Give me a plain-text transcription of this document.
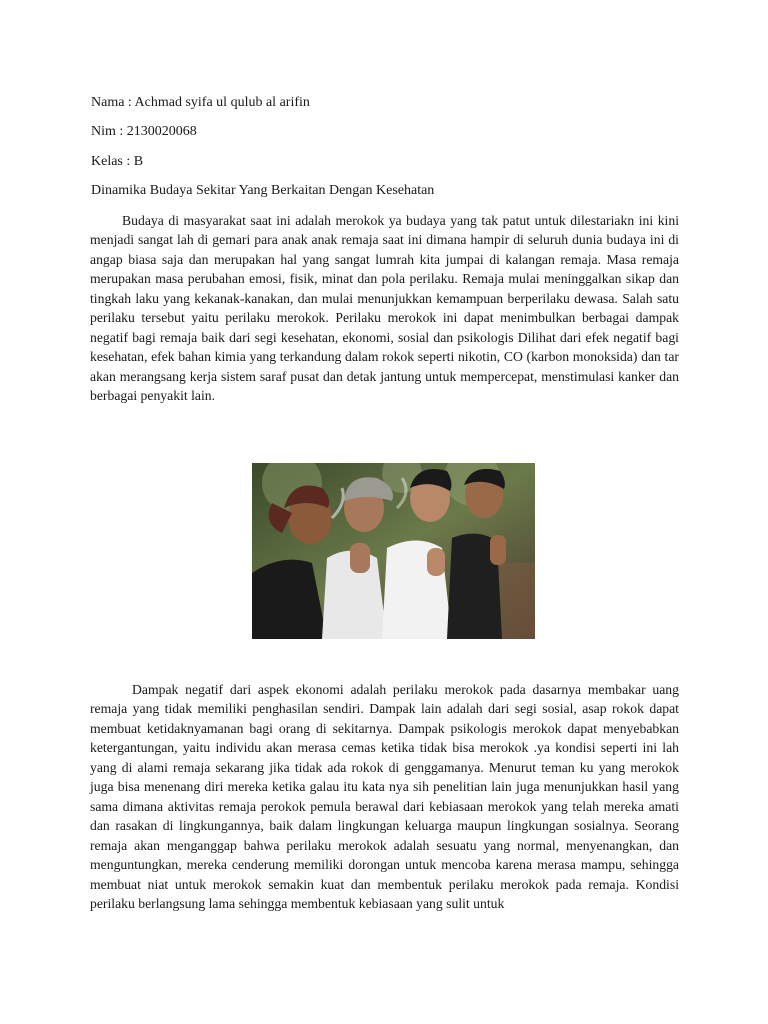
Nama : Achmad syifa ul qulub al arifin
Nim : 2130020068
Kelas : B
Dinamika Budaya Sekitar Yang Berkaitan Dengan Kesehatan

Budaya di masyarakat saat ini adalah merokok ya budaya yang tak patut untuk dilestariakn ini kini menjadi sangat lah di gemari para anak anak remaja saat ini dimana hampir di seluruh dunia budaya ini di angap biasa saja dan merupakan hal yang sangat lumrah kita jumpai di kalangan remaja. Masa remaja merupakan masa perubahan emosi, fisik, minat dan pola perilaku. Remaja mulai meninggalkan sikap dan tingkah laku yang kekanak-kanakan, dan mulai menunjukkan kemampuan berperilaku dewasa. Salah satu perilaku tersebut yaitu perilaku merokok. Perilaku merokok ini dapat menimbulkan berbagai dampak negatif bagi remaja baik dari segi kesehatan, ekonomi, sosial dan psikologis Dilihat dari efek negatif bagi kesehatan, efek bahan kimia yang terkandung dalam rokok seperti nikotin, CO (karbon monoksida) dan tar akan merangsang kerja sistem saraf pusat dan detak jantung untuk mempercepat, menstimulasi kanker dan berbagai penyakit lain.

Dampak negatif dari aspek ekonomi adalah perilaku merokok pada dasarnya membakar uang remaja yang tidak memiliki penghasilan sendiri. Dampak lain adalah dari segi sosial, asap rokok dapat membuat ketidaknyamanan bagi orang di sekitarnya. Dampak psikologis merokok dapat menyebabkan ketergantungan, yaitu individu akan merasa cemas ketika tidak bisa merokok .ya kondisi seperti ini lah yang di alami remaja sekarang jika tidak ada rokok di genggamanya. Menurut teman ku yang merokok juga bisa menenang diri mereka ketika galau itu kata nya sih penelitian lain juga menunjukkan hasil yang sama dimana aktivitas remaja perokok pemula berawal dari kebiasaan merokok yang telah mereka amati dan rasakan di lingkungannya, baik dalam lingkungan keluarga maupun lingkungan sosialnya. Seorang remaja akan menganggap bahwa perilaku merokok adalah sesuatu yang normal, menyenangkan, dan menguntungkan, mereka cenderung memiliki dorongan untuk mencoba karena merasa mampu, sehingga membuat niat untuk merokok semakin kuat dan membentuk perilaku merokok pada remaja. Kondisi perilaku berlangsung lama sehingga membentuk kebiasaan yang sulit untuk
